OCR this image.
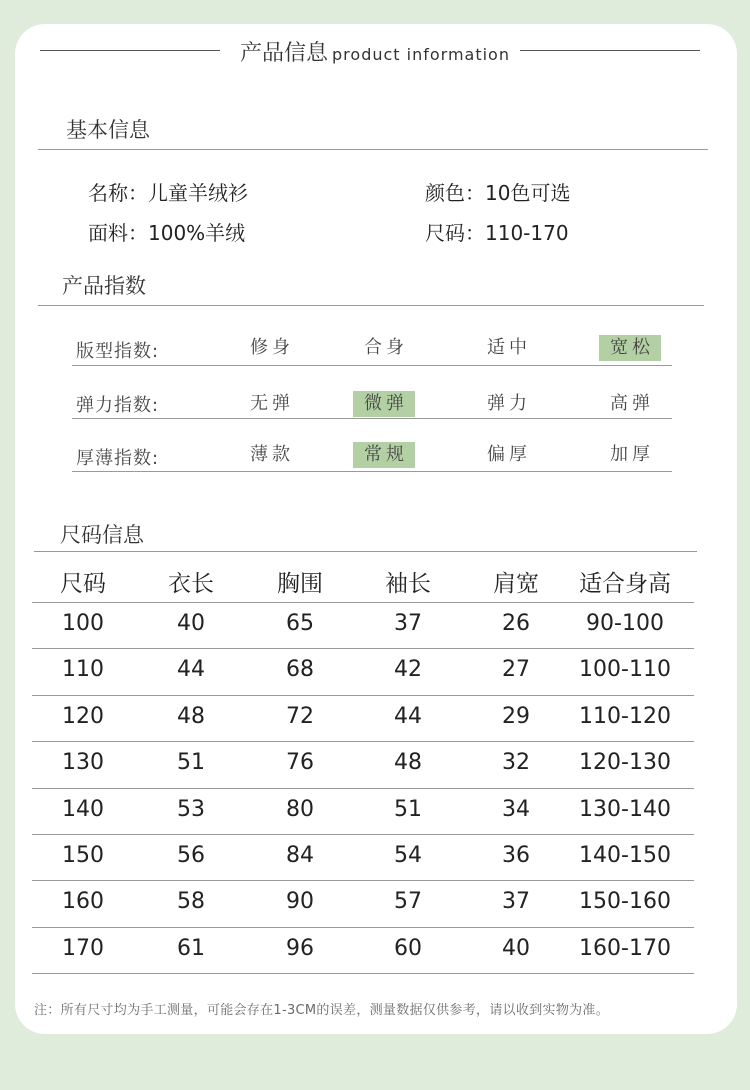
产品信息 product information
基本信息
名称：儿童羊绒衫	颜色：10色可选
面料：100%羊绒	尺码：110-170
产品指数
版型指数:	修身	合身	适中	宽松
弹力指数:	无弹	微弹	弹力	高弹
厚薄指数:	薄款	常规	偏厚	加厚
尺码信息
尺码	衣长	胸围	袖长	肩宽	适合身高
100	40	65	37	26	90-100
110	44	68	42	27	100-110
120	48	72	44	29	110-120
130	51	76	48	32	120-130
140	53	80	51	34	130-140
150	56	84	54	36	140-150
160	58	90	57	37	150-160
170	61	96	60	40	160-170
注：所有尺寸均为手工测量，可能会存在1-3CM的误差，测量数据仅供参考，请以收到实物为准。
